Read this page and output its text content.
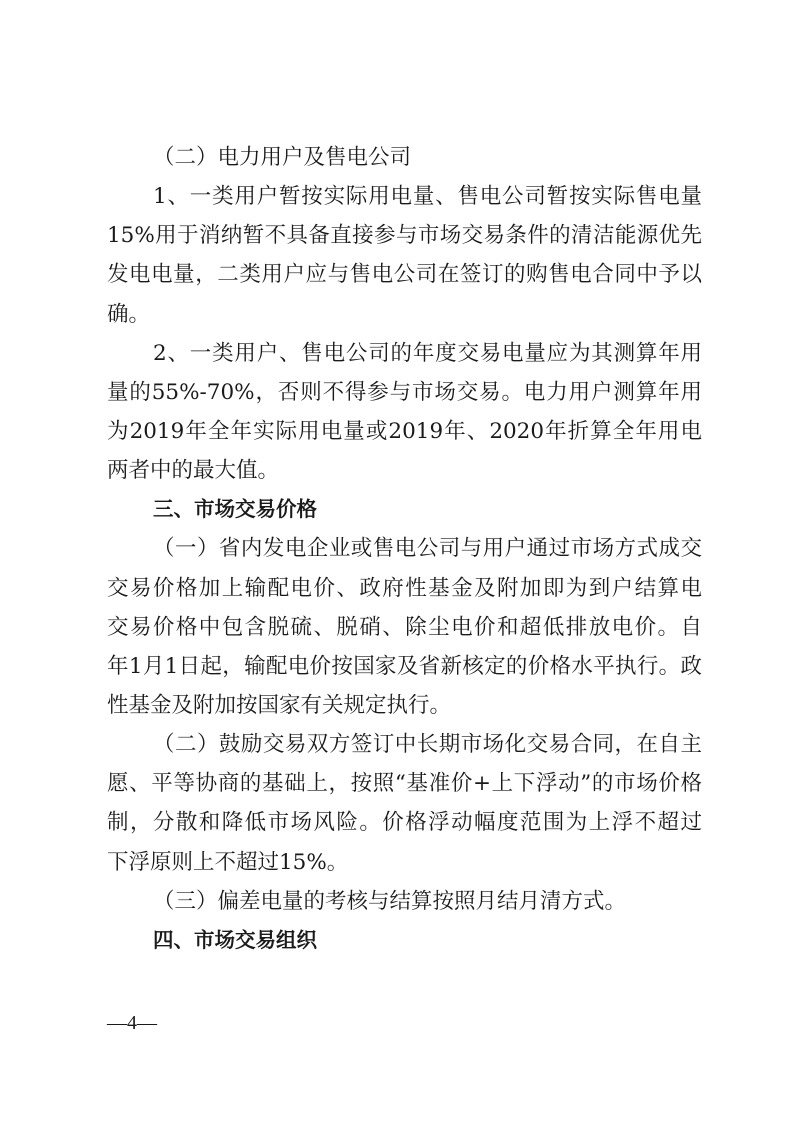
（二）电力用户及售电公司
1、一类用户暂按实际用电量、售电公司暂按实际售电量
15%用于消纳暂不具备直接参与市场交易条件的清洁能源优先
发电电量，二类用户应与售电公司在签订的购售电合同中予以
确。
2、一类用户、售电公司的年度交易电量应为其测算年用
量的55%-70%，否则不得参与市场交易。电力用户测算年用
为2019年全年实际用电量或2019年、2020年折算全年用电
两者中的最大值。
三、市场交易价格
（一）省内发电企业或售电公司与用户通过市场方式成交
交易价格加上输配电价、政府性基金及附加即为到户结算电
交易价格中包含脱硫、脱硝、除尘电价和超低排放电价。自
年1月1日起，输配电价按国家及省新核定的价格水平执行。政
性基金及附加按国家有关规定执行。
（二）鼓励交易双方签订中长期市场化交易合同，在自主
愿、平等协商的基础上，按照“基准价+上下浮动”的市场价格
制，分散和降低市场风险。价格浮动幅度范围为上浮不超过
下浮原则上不超过15%。
（三）偏差电量的考核与结算按照月结月清方式。
四、市场交易组织
—4—
